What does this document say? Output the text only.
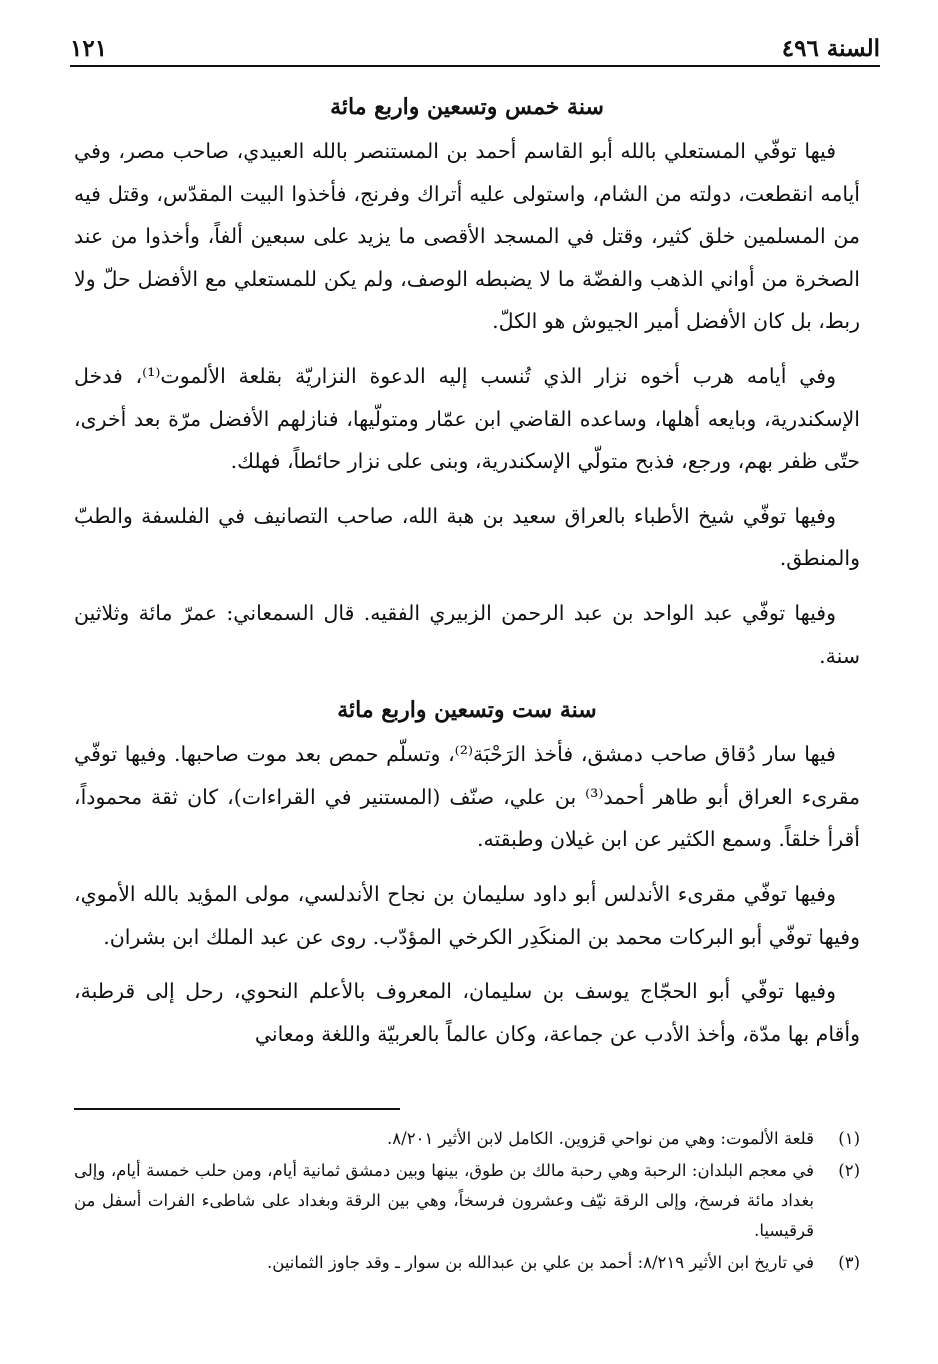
السنة ٤٩٦
١٢١
سنة خمس وتسعين واربع مائة

فيها توفّي المستعلي بالله أبو القاسم أحمد بن المستنصر بالله العبيدي، صاحب مصر، وفي أيامه انقطعت، دولته من الشام، واستولى عليه أتراك وفرنج، فأخذوا البيت المقدّس، وقتل فيه من المسلمين خلق كثير، وقتل في المسجد الأقصى ما يزيد على سبعين ألفاً، وأخذوا من عند الصخرة من أواني الذهب والفضّة ما لا يضبطه الوصف، ولم يكن للمستعلي مع الأفضل حلّ ولا ربط، بل كان الأفضل أمير الجيوش هو الكلّ.

وفي أيامه هرب أخوه نزار الذي تُنسب إليه الدعوة النزاريّة بقلعة الألموت⁽¹⁾، فدخل الإسكندرية، وبايعه أهلها، وساعده القاضي ابن عمّار ومتولّيها، فنازلهم الأفضل مرّة بعد أخرى، حتّى ظفر بهم، ورجع، فذبح متولّي الإسكندرية، وبنى على نزار حائطاً، فهلك.

وفيها توفّي شيخ الأطباء بالعراق سعيد بن هبة الله، صاحب التصانيف في الفلسفة والطبّ والمنطق.

وفيها توفّي عبد الواحد بن عبد الرحمن الزبيري الفقيه. قال السمعاني: عمرّ مائة وثلاثين سنة.

سنة ست وتسعين واربع مائة

فيها سار دُقاق صاحب دمشق، فأخذ الرَحْبَة⁽²⁾، وتسلّم حمص بعد موت صاحبها. وفيها توفّي مقرىء العراق أبو طاهر أحمد⁽³⁾ بن علي، صنّف (المستنير في القراءات)، كان ثقة محموداً، أقرأ خلقاً. وسمع الكثير عن ابن غيلان وطبقته.

وفيها توفّي مقرىء الأندلس أبو داود سليمان بن نجاح الأندلسي، مولى المؤيد بالله الأموي، وفيها توفّي أبو البركات محمد بن المنكَدِر الكرخي المؤدّب. روى عن عبد الملك ابن بشران.

وفيها توفّي أبو الحجّاج يوسف بن سليمان، المعروف بالأعلم النحوي، رحل إلى قرطبة، وأقام بها مدّة، وأخذ الأدب عن جماعة، وكان عالماً بالعربيّة واللغة ومعاني

(١)
قلعة الألموت: وهي من نواحي قزوين. الكامل لابن الأثير ٨/٢٠١.
(٢)
في معجم البلدان: الرحبة وهي رحبة مالك بن طوق، بينها وبين دمشق ثمانية أيام، ومن حلب خمسة أيام، وإلى بغداد مائة فرسخ، وإلى الرقة نيّف وعشرون فرسخاً، وهي بين الرقة وبغداد على شاطىء الفرات أسفل من قرقيسيا.
(٣)
في تاريخ ابن الأثير ٨/٢١٩: أحمد بن علي بن عبدالله بن سوار ـ وقد جاوز الثمانين.
